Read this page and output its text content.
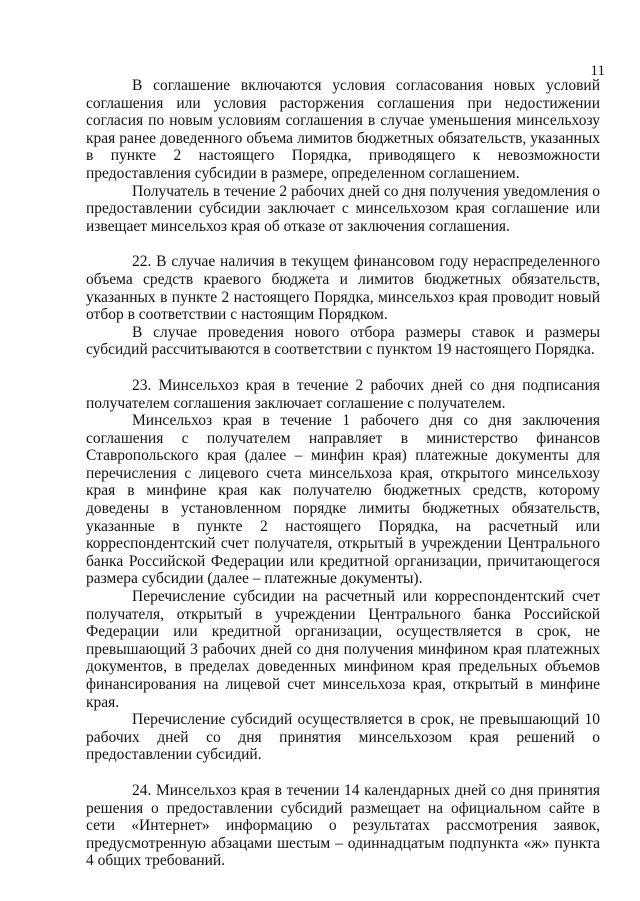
11

В соглашение включаются условия согласования новых условий соглашения или условия расторжения соглашения при недостижении согласия по новым условиям соглашения в случае уменьшения минсельхозу края ранее доведенного объема лимитов бюджетных обязательств, указанных в пункте 2 настоящего Порядка, приводящего к невозможности предоставления субсидии в размере, определенном соглашением.

Получатель в течение 2 рабочих дней со дня получения уведомления о предоставлении субсидии заключает с минсельхозом края соглашение или извещает минсельхоз края об отказе от заключения соглашения.

22. В случае наличия в текущем финансовом году нераспределенного объема средств краевого бюджета и лимитов бюджетных обязательств, указанных в пункте 2 настоящего Порядка, минсельхоз края проводит новый отбор в соответствии с настоящим Порядком.

В случае проведения нового отбора размеры ставок и размеры субсидий рассчитываются в соответствии с пунктом 19 настоящего Порядка.

23. Минсельхоз края в течение 2 рабочих дней со дня подписания получателем соглашения заключает соглашение с получателем.

Минсельхоз края в течение 1 рабочего дня со дня заключения соглашения с получателем направляет в министерство финансов Ставропольского края (далее – минфин края) платежные документы для перечисления с лицевого счета минсельхоза края, открытого минсельхозу края в минфине края как получателю бюджетных средств, которому доведены в установленном порядке лимиты бюджетных обязательств, указанные в пункте 2 настоящего Порядка, на расчетный или корреспондентский счет получателя, открытый в учреждении Центрального банка Российской Федерации или кредитной организации, причитающегося размера субсидии (далее – платежные документы).

Перечисление субсидии на расчетный или корреспондентский счет получателя, открытый в учреждении Центрального банка Российской Федерации или кредитной организации, осуществляется в срок, не превышающий 3 рабочих дней со дня получения минфином края платежных документов, в пределах доведенных минфином края предельных объемов финансирования на лицевой счет минсельхоза края, открытый в минфине края.

Перечисление субсидий осуществляется в срок, не превышающий 10 рабочих дней со дня принятия минсельхозом края решений о предоставлении субсидий.

24. Минсельхоз края в течении 14 календарных дней со дня принятия решения о предоставлении субсидий размещает на официальном сайте в сети «Интернет» информацию о результатах рассмотрения заявок, предусмотренную абзацами шестым – одиннадцатым подпункта «ж» пункта 4 общих требований.
